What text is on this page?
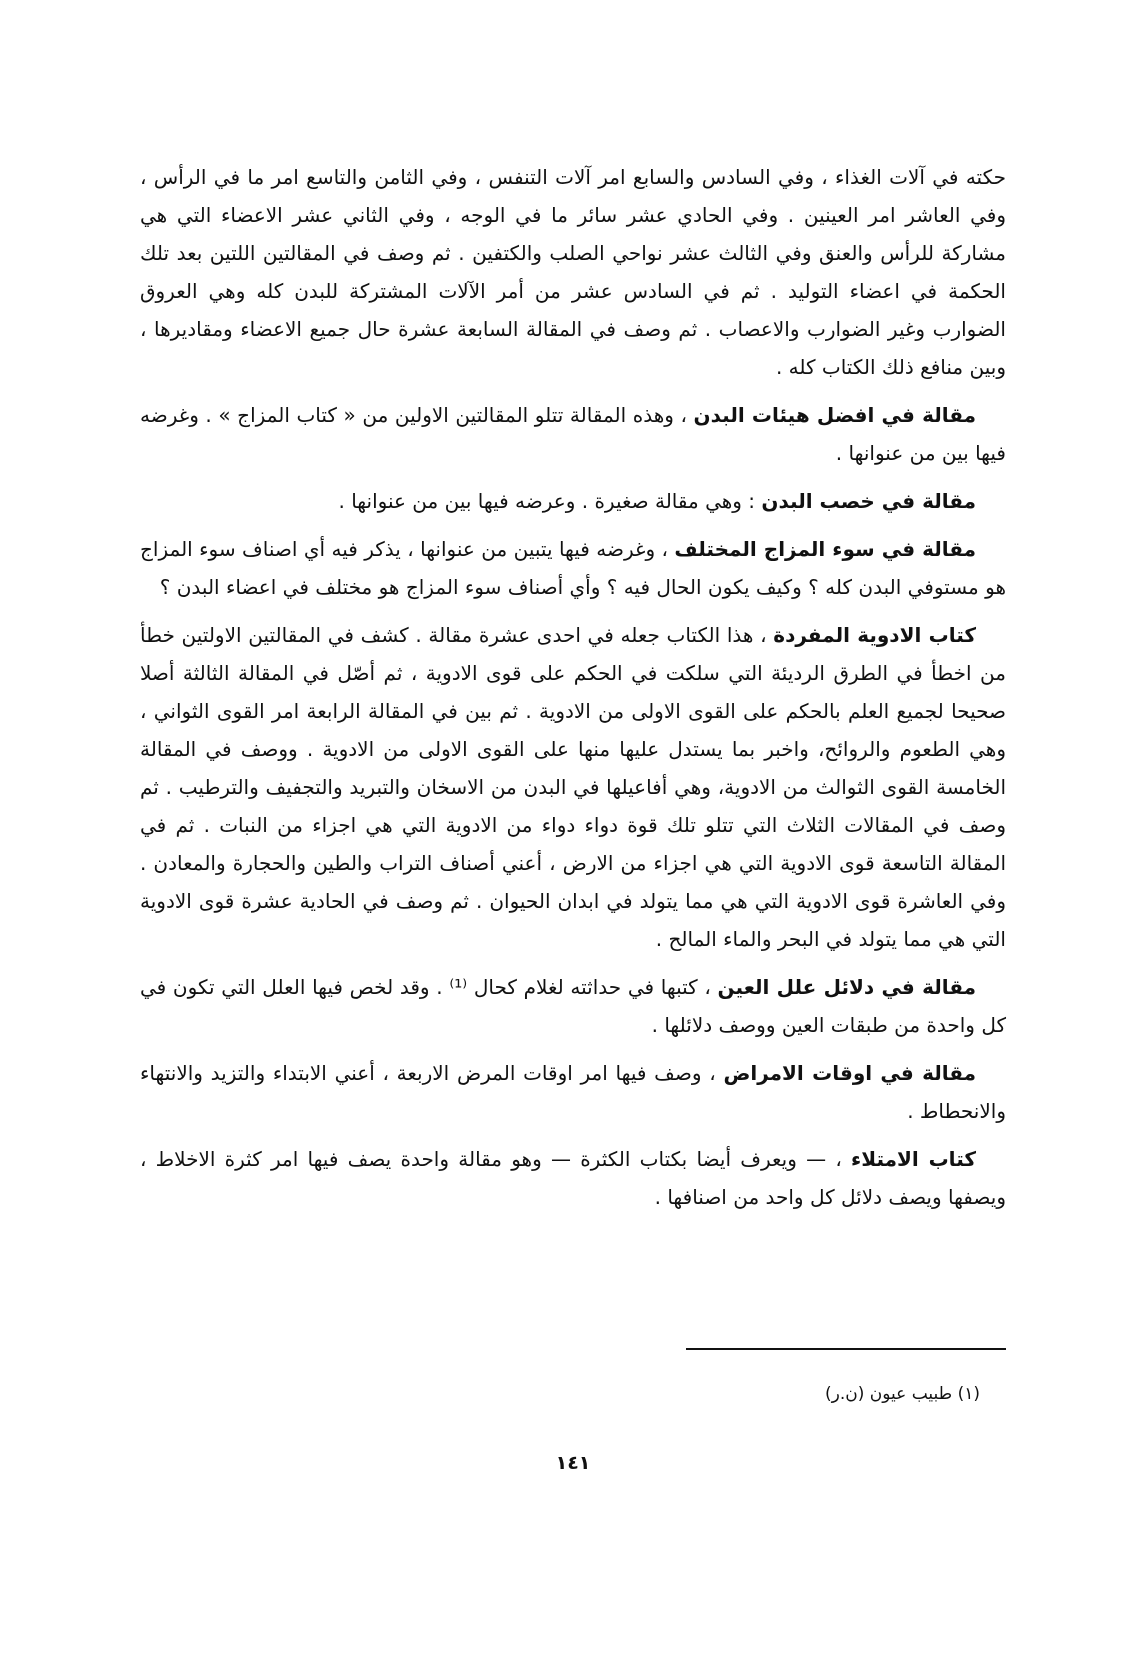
حكته في آلات الغذاء ، وفي السادس والسابع امر آلات التنفس ، وفي الثامن والتاسع امر ما في الرأس ، وفي العاشر امر العينين . وفي الحادي عشر سائر ما في الوجه ، وفي الثاني عشر الاعضاء التي هي مشاركة للرأس والعنق وفي الثالث عشر نواحي الصلب والكتفين . ثم وصف في المقالتين اللتين بعد تلك الحكمة في اعضاء التوليد . ثم في السادس عشر من أمر الآلات المشتركة للبدن كله وهي العروق الضوارب وغير الضوارب والاعصاب . ثم وصف في المقالة السابعة عشرة حال جميع الاعضاء ومقاديرها ، وبين منافع ذلك الكتاب كله .

مقالة في افضل هيئات البدن ، وهذه المقالة تتلو المقالتين الاولين من « كتاب المزاج » . وغرضه فيها بين من عنوانها .

مقالة في خصب البدن : وهي مقالة صغيرة . وعرضه فيها بين من عنوانها .

مقالة في سوء المزاج المختلف ، وغرضه فيها يتبين من عنوانها ، يذكر فيه أي اصناف سوء المزاج هو مستوفي البدن كله ؟ وكيف يكون الحال فيه ؟ وأي أصناف سوء المزاج هو مختلف في اعضاء البدن ؟

كتاب الادوية المفردة ، هذا الكتاب جعله في احدى عشرة مقالة . كشف في المقالتين الاولتين خطأ من اخطأ في الطرق الرديئة التي سلكت في الحكم على قوى الادوية ، ثم أصّل في المقالة الثالثة أصلا صحيحا لجميع العلم بالحكم على القوى الاولى من الادوية . ثم بين في المقالة الرابعة امر القوى الثواني ، وهي الطعوم والروائح، واخبر بما يستدل عليها منها على القوى الاولى من الادوية . ووصف في المقالة الخامسة القوى الثوالث من الادوية، وهي أفاعيلها في البدن من الاسخان والتبريد والتجفيف والترطيب . ثم وصف في المقالات الثلاث التي تتلو تلك قوة دواء دواء من الادوية التي هي اجزاء من النبات . ثم في المقالة التاسعة قوى الادوية التي هي اجزاء من الارض ، أعني أصناف التراب والطين والحجارة والمعادن . وفي العاشرة قوى الادوية التي هي مما يتولد في ابدان الحيوان . ثم وصف في الحادية عشرة قوى الادوية التي هي مما يتولد في البحر والماء المالح .

مقالة في دلائل علل العين ، كتبها في حداثته لغلام كحال ⁽¹⁾ . وقد لخص فيها العلل التي تكون في كل واحدة من طبقات العين ووصف دلائلها .

مقالة في اوقات الامراض ، وصف فيها امر اوقات المرض الاربعة ، أعني الابتداء والتزيد والانتهاء والانحطاط .

كتاب الامتلاء ، — ويعرف أيضا بكتاب الكثرة — وهو مقالة واحدة يصف فيها امر كثرة الاخلاط ، ويصفها ويصف دلائل كل واحد من اصنافها .

(١) طبيب عيون (ن.ر)
١٤١
